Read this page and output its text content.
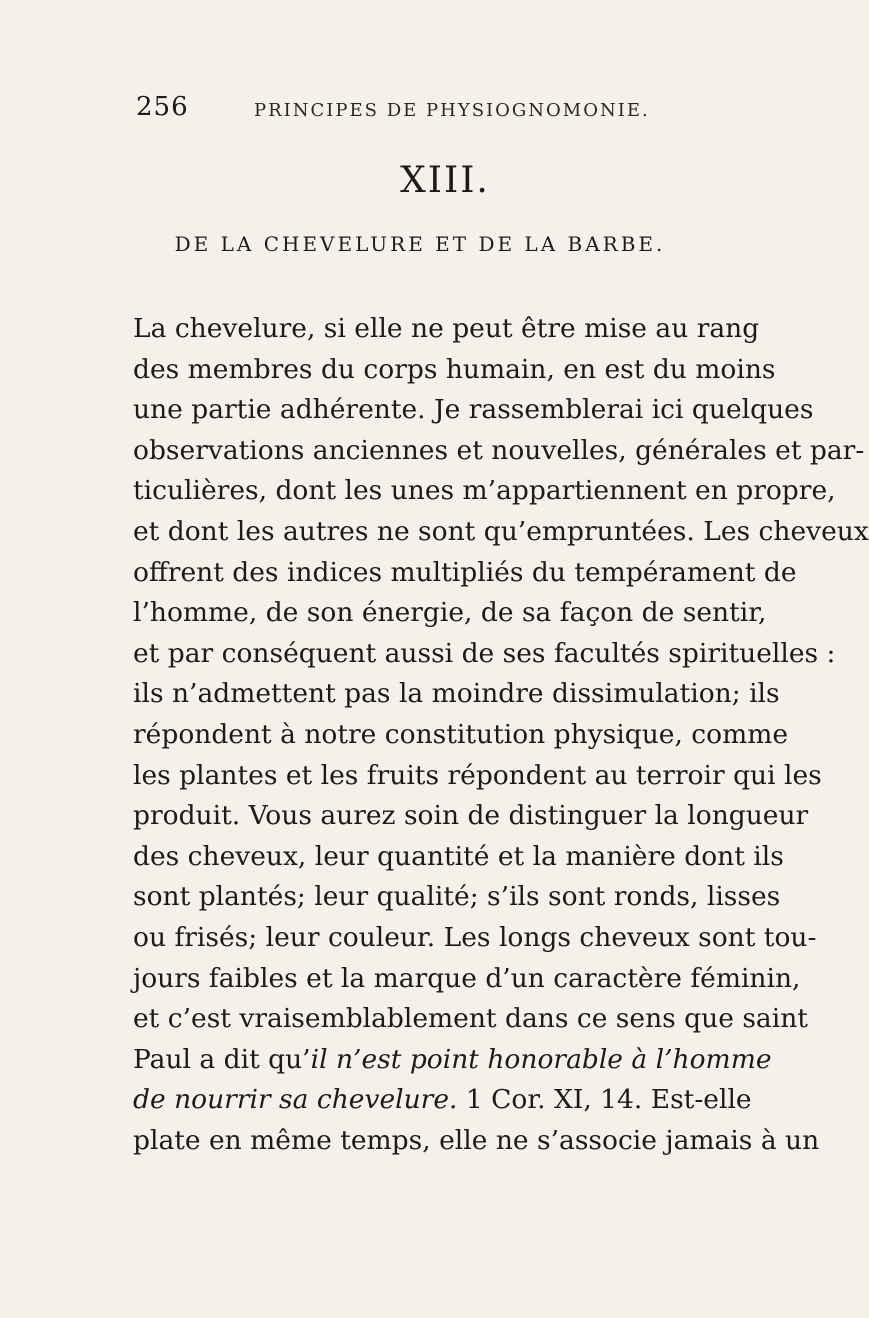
256	PRINCIPES DE PHYSIOGNOMONIE.
XIII.
DE LA CHEVELURE ET DE LA BARBE.
La chevelure, si elle ne peut être mise au rang
des membres du corps humain, en est du moins
une partie adhérente. Je rassemblerai ici quelques
observations anciennes et nouvelles, générales et par-
ticulières, dont les unes m’appartiennent en propre,
et dont les autres ne sont qu’empruntées. Les cheveux
offrent des indices multipliés du tempérament de
l’homme, de son énergie, de sa façon de sentir,
et par conséquent aussi de ses facultés spirituelles :
ils n’admettent pas la moindre dissimulation; ils
répondent à notre constitution physique, comme
les plantes et les fruits répondent au terroir qui les
produit. Vous aurez soin de distinguer la longueur
des cheveux, leur quantité et la manière dont ils
sont plantés; leur qualité; s’ils sont ronds, lisses
ou frisés; leur couleur. Les longs cheveux sont tou-
jours faibles et la marque d’un caractère féminin,
et c’est vraisemblablement dans ce sens que saint
Paul a dit qu’il n’est point honorable à l’homme
de nourrir sa chevelure. 1 Cor. XI, 14. Est-elle
plate en même temps, elle ne s’associe jamais à un
